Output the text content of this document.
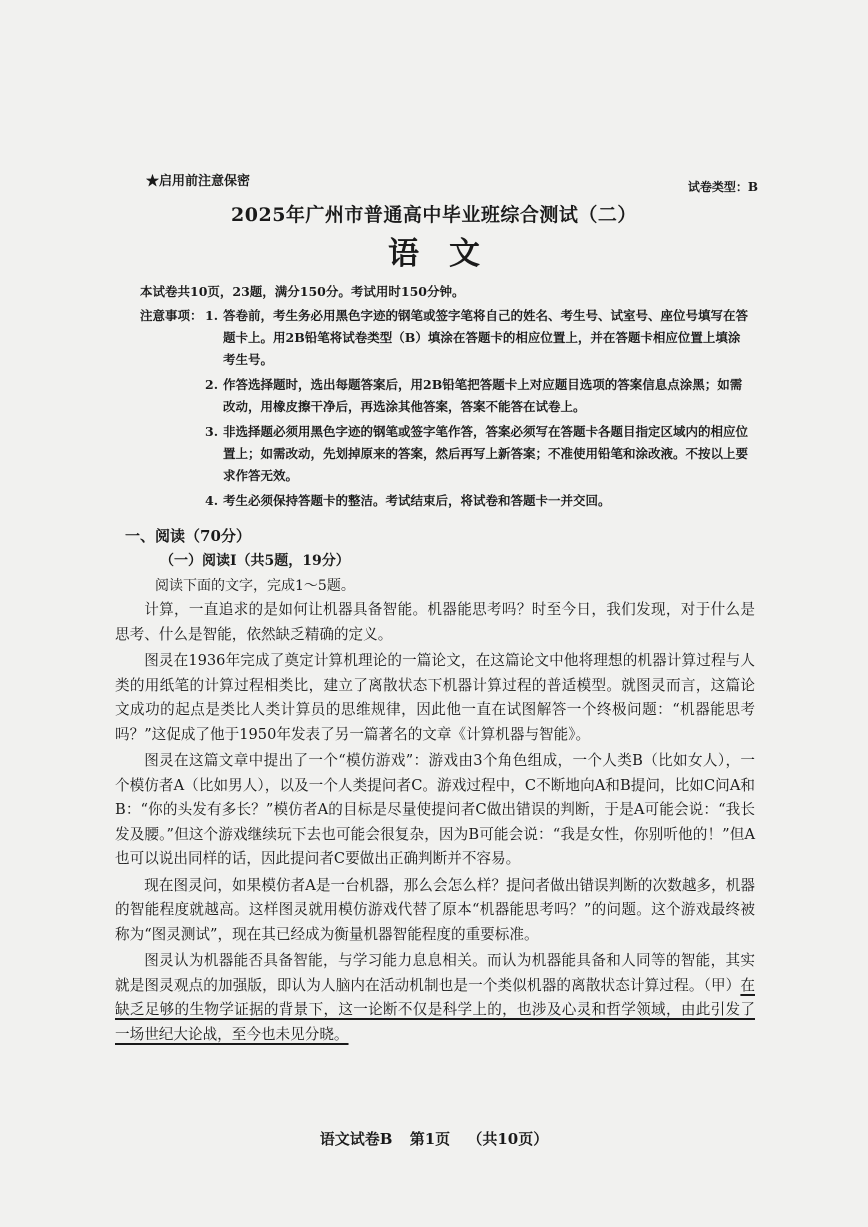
★启用前注意保密	试卷类型：B
2025年广州市普通高中毕业班综合测试（二）
语文
本试卷共10页，23题，满分150分。考试用时150分钟。
注意事项： 1. 答卷前，考生务必用黑色字迹的钢笔或签字笔将自己的姓名、考生号、试室号、座位号填写在答题卡上。用2B铅笔将试卷类型（B）填涂在答题卡的相应位置上，并在答题卡相应位置上填涂考生号。
2. 作答选择题时，选出每题答案后，用2B铅笔把答题卡上对应题目选项的答案信息点涂黑；如需改动，用橡皮擦干净后，再选涂其他答案，答案不能答在试卷上。
3. 非选择题必须用黑色字迹的钢笔或签字笔作答，答案必须写在答题卡各题目指定区域内的相应位置上；如需改动，先划掉原来的答案，然后再写上新答案；不准使用铅笔和涂改液。不按以上要求作答无效。
4. 考生必须保持答题卡的整洁。考试结束后，将试卷和答题卡一并交回。
一、阅读（70分）
（一）阅读Ⅰ（共5题，19分）
阅读下面的文字，完成1～5题。

计算，一直追求的是如何让机器具备智能。机器能思考吗？时至今日，我们发现，对于什么是思考、什么是智能，依然缺乏精确的定义。

图灵在1936年完成了奠定计算机理论的一篇论文，在这篇论文中他将理想的机器计算过程与人类的用纸笔的计算过程相类比，建立了离散状态下机器计算过程的普适模型。就图灵而言，这篇论文成功的起点是类比人类计算员的思维规律，因此他一直在试图解答一个终极问题：“机器能思考吗？”这促成了他于1950年发表了另一篇著名的文章《计算机器与智能》。

图灵在这篇文章中提出了一个“模仿游戏”：游戏由3个角色组成，一个人类B（比如女人），一个模仿者A（比如男人），以及一个人类提问者C。游戏过程中，C不断地向A和B提问，比如C问A和B：“你的头发有多长？”模仿者A的目标是尽量使提问者C做出错误的判断，于是A可能会说：“我长发及腰。”但这个游戏继续玩下去也可能会很复杂，因为B可能会说：“我是女性，你别听他的！”但A也可以说出同样的话，因此提问者C要做出正确判断并不容易。

现在图灵问，如果模仿者A是一台机器，那么会怎么样？提问者做出错误判断的次数越多，机器的智能程度就越高。这样图灵就用模仿游戏代替了原本“机器能思考吗？”的问题。这个游戏最终被称为“图灵测试”，现在其已经成为衡量机器智能程度的重要标准。

图灵认为机器能否具备智能，与学习能力息息相关。而认为机器能具备和人同等的智能，其实就是图灵观点的加强版，即认为人脑内在活动机制也是一个类似机器的离散状态计算过程。（甲）在缺乏足够的生物学证据的背景下，这一论断不仅是科学上的，也涉及心灵和哲学领域，由此引发了一场世纪大论战，至今也未见分晓。

语文试卷B 第1页 （共10页）
